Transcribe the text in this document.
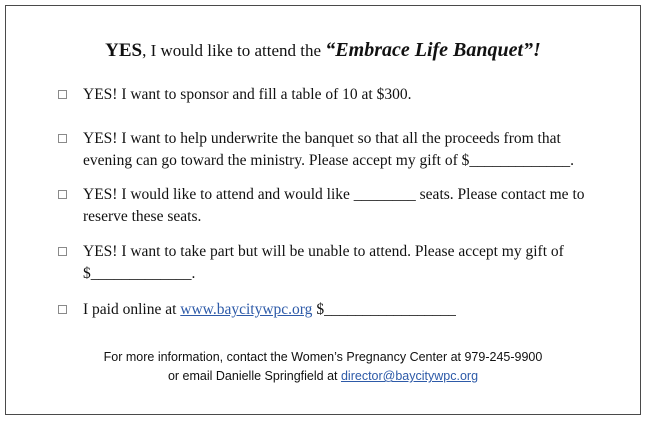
YES, I would like to attend the “Embrace Life Banquet”!
YES! I want to sponsor and fill a table of 10 at $300.
YES! I want to help underwrite the banquet so that all the proceeds from that
evening can go toward the ministry. Please accept my gift of $_____________.
YES! I would like to attend and would like ________ seats. Please contact me to
reserve these seats.
YES! I want to take part but will be unable to attend. Please accept my gift of
$_____________.
I paid online at www.baycitywpc.org $_________________
For more information, contact the Women’s Pregnancy Center at 979-245-9900
or email Danielle Springfield at director@baycitywpc.org
